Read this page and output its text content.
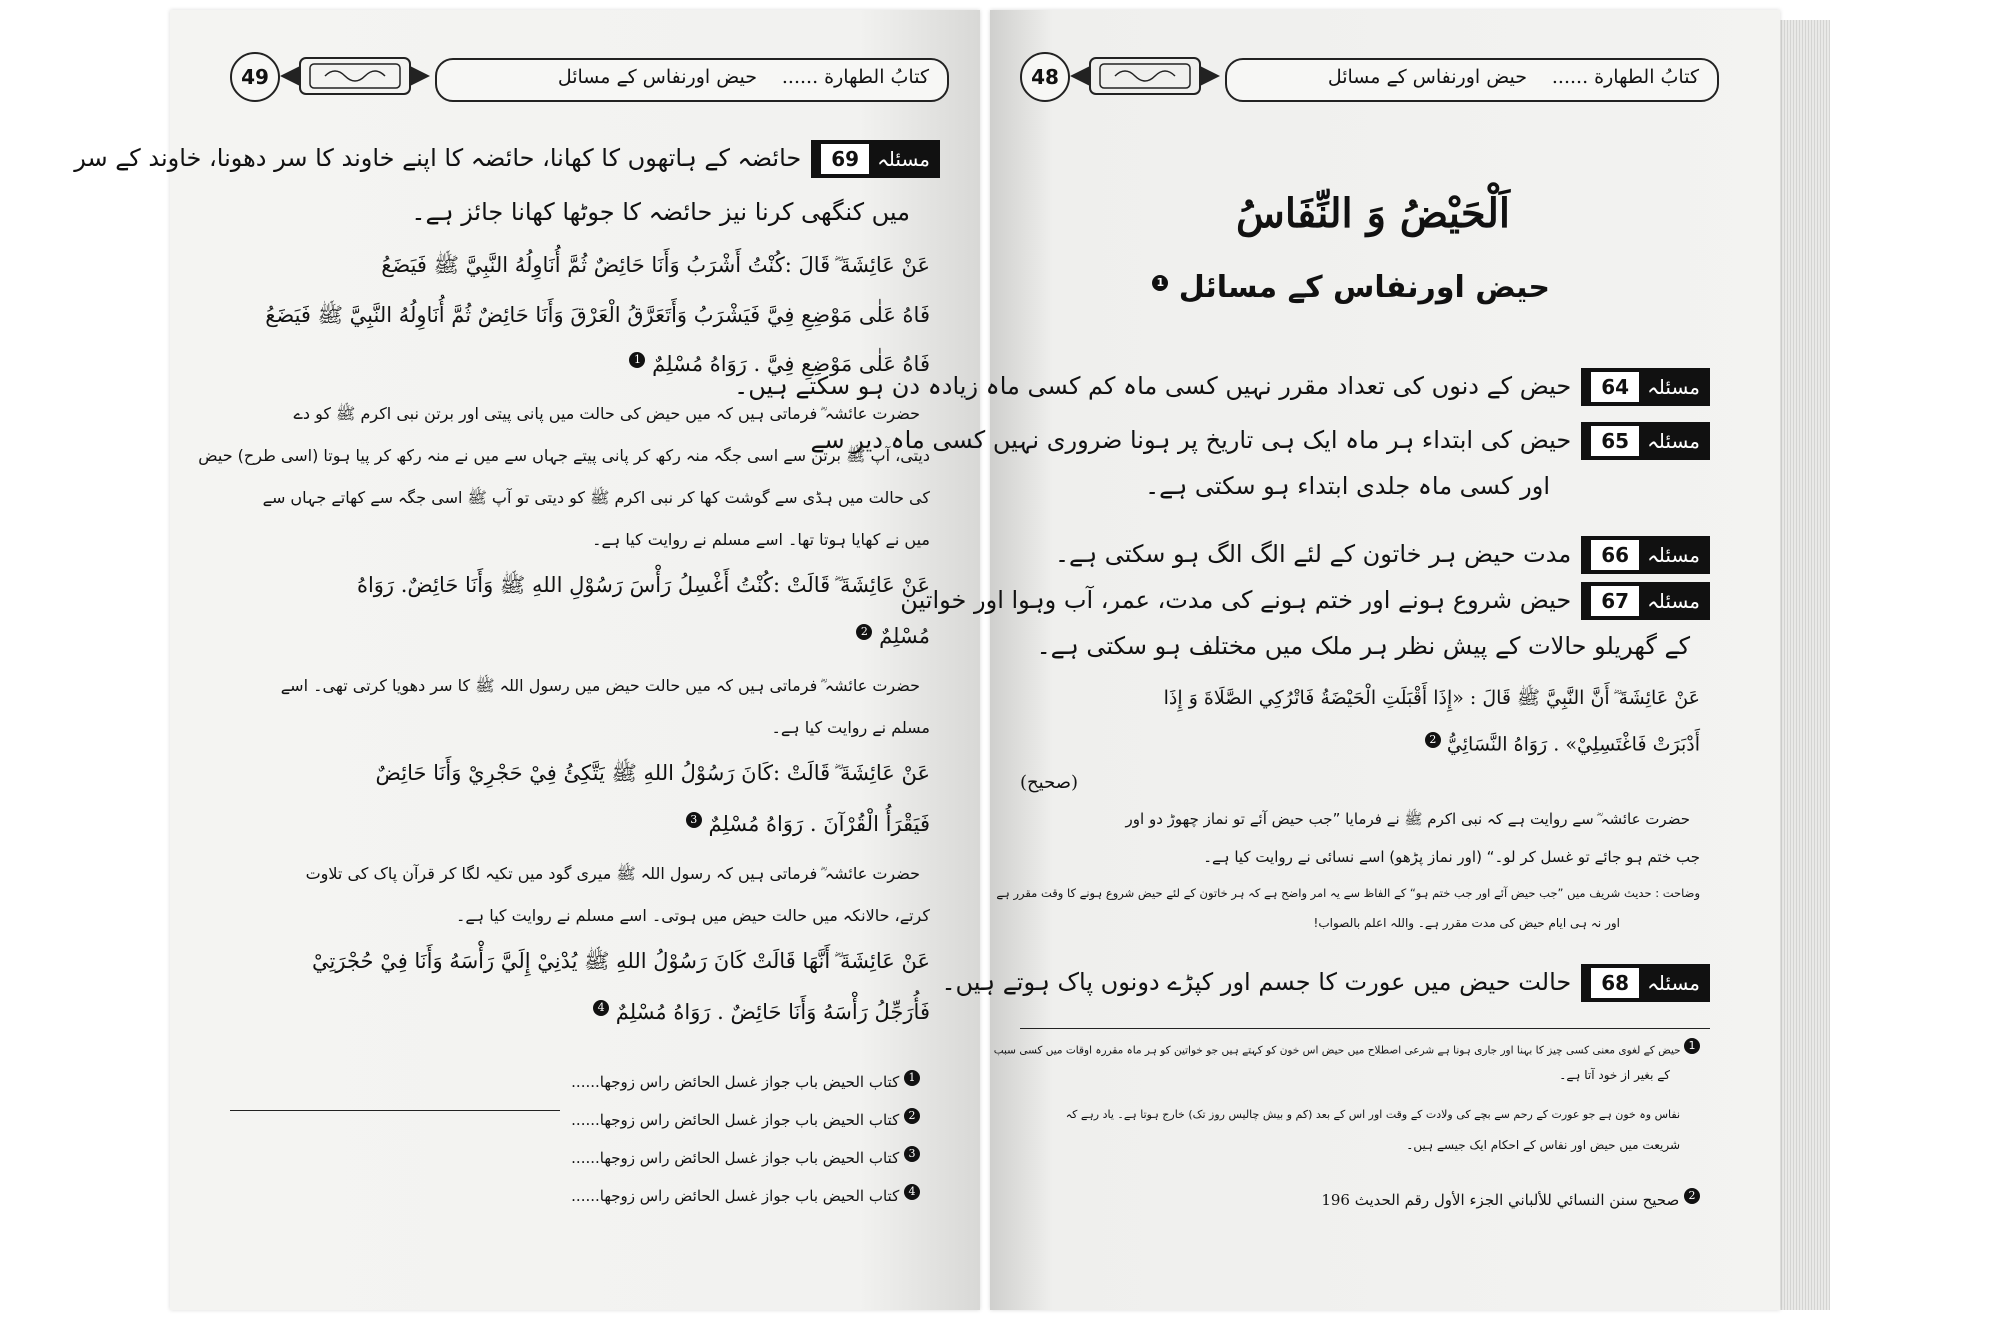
49	كتابُ الطهارة ......
حیض اورنفاس کے مسائل
مسئلہ69حائضہ کے ہاتھوں کا کھانا، حائضہ کا اپنے خاوند کا سر دھونا، خاوند کے سر
میں کنگھی کرنا نیز حائضہ کا جوٹھا کھانا جائز ہے۔
عَنْ عَائِشَةَ ؓ قَالَ :كُنْتُ أَشْرَبُ وَأَنَا حَائِضٌ ثُمَّ أُنَاوِلُهُ النَّبِيَّ ﷺ فَيَضَعُ
فَاهُ عَلٰى مَوْضِعِ فِيَّ فَيَشْرَبُ وَأَتَعَرَّقُ الْعَرْقَ وَأَنَا حَائِضٌ ثُمَّ أُنَاوِلُهُ النَّبِيَّ ﷺ فَيَضَعُ
فَاهُ عَلٰى مَوْضِعِ فِيَّ . رَوَاهُ مُسْلِمٌ 1
حضرت عائشہ ؓ فرماتی ہیں کہ میں حیض کی حالت میں پانی پیتی اور برتن نبی اکرم ﷺ کو دے
دیتی، آپ ﷺ برتن سے اسی جگہ منہ رکھ کر پانی پیتے جہاں سے میں نے منہ رکھ کر پیا ہوتا (اسی طرح) حیض
کی حالت میں ہڈی سے گوشت کھا کر نبی اکرم ﷺ کو دیتی تو آپ ﷺ اسی جگہ سے کھاتے جہاں سے
میں نے کھایا ہوتا تھا۔ اسے مسلم نے روایت کیا ہے۔
عَنْ عَائِشَةَ ؓ قَالَتْ :كُنْتُ أَغْسِلُ رَأْسَ رَسُوْلِ اللهِ ﷺ وَأَنَا حَائِضٌ. رَوَاهُ
مُسْلِمٌ 2
حضرت عائشہ ؓ فرماتی ہیں کہ میں حالت حیض میں رسول اللہ ﷺ کا سر دھویا کرتی تھی۔ اسے
مسلم نے روایت کیا ہے۔
عَنْ عَائِشَةَ ؓ قَالَتْ :كَانَ رَسُوْلُ اللهِ ﷺ يَتَّكِئُ فِيْ حَجْرِيْ وَأَنَا حَائِضٌ
فَيَقْرَأُ الْقُرْآنَ . رَوَاهُ مُسْلِمٌ 3
حضرت عائشہ ؓ فرماتی ہیں کہ رسول اللہ ﷺ میری گود میں تکیہ لگا کر قرآن پاک کی تلاوت
کرتے، حالانکہ میں حالت حیض میں ہوتی۔ اسے مسلم نے روایت کیا ہے۔
عَنْ عَائِشَةَ ؓ أَنَّهَا قَالَتْ كَانَ رَسُوْلُ اللهِ ﷺ يُدْنِيْ إِلَيَّ رَأْسَهُ وَأَنَا فِيْ حُجْرَتِيْ
فَأُرَجِّلُ رَأْسَهُ وَأَنَا حَائِضٌ . رَوَاهُ مُسْلِمٌ 4
1 كتاب الحيض باب جواز غسل الحائض راس زوجها......
2 كتاب الحيض باب جواز غسل الحائض راس زوجها......
3 كتاب الحيض باب جواز غسل الحائض راس زوجها......
4 كتاب الحيض باب جواز غسل الحائض راس زوجها......
48	كتابُ الطهارة ......
حیض اورنفاس کے مسائل
اَلْحَيْضُ وَ النِّفَاسُ
حیض اورنفاس کے مسائل 1
مسئلہ64حیض کے دنوں کی تعداد مقرر نہیں کسی ماہ کم کسی ماہ زیادہ دن ہو سکتے ہیں۔
مسئلہ65حیض کی ابتداء ہر ماہ ایک ہی تاریخ پر ہونا ضروری نہیں کسی ماہ دیر سے
اور کسی ماہ جلدی ابتداء ہو سکتی ہے۔
مسئلہ66مدت حیض ہر خاتون کے لئے الگ الگ ہو سکتی ہے۔
مسئلہ67حیض شروع ہونے اور ختم ہونے کی مدت، عمر، آب وہوا اور خواتین
کے گھریلو حالات کے پیش نظر ہر ملک میں مختلف ہو سکتی ہے۔
عَنْ عَائِشَةَ ؓ أَنَّ النَّبِيَّ ﷺ قَالَ : «إِذَا أَقْبَلَتِ الْحَيْضَةُ فَاتْرُكِي الصَّلَاةَ وَ إِذَا
أَدْبَرَتْ فَاغْتَسِلِيْ» . رَوَاهُ النَّسَائِيُّ 2
(صحيح)
حضرت عائشہ ؓ سے روایت ہے کہ نبی اکرم ﷺ نے فرمایا ”جب حیض آئے تو نماز چھوڑ دو اور
جب ختم ہو جائے تو غسل کر لو۔“ (اور نماز پڑھو) اسے نسائی نے روایت کیا ہے۔
وضاحت : حدیث شریف میں ”جب حیض آئے اور جب ختم ہو“ کے الفاظ سے یہ امر واضح ہے کہ ہر خاتون کے لئے حیض شروع ہونے کا وقت مقرر ہے
اور نہ ہی ایام حیض کی مدت مقرر ہے۔ واللہ اعلم بالصواب!
مسئلہ68حالت حیض میں عورت کا جسم اور کپڑے دونوں پاک ہوتے ہیں۔
1 حیض کے لغوی معنی کسی چیز کا بہنا اور جاری ہونا ہے شرعی اصطلاح میں حیض اس خون کو کہتے ہیں جو خواتین کو ہر ماہ مقررہ اوقات میں کسی سبب
کے بغیر از خود آتا ہے۔
نفاس وہ خون ہے جو عورت کے رحم سے بچے کی ولادت کے وقت اور اس کے بعد (کم و بیش چالیس روز تک) خارج ہوتا ہے۔ یاد رہے کہ
شریعت میں حیض اور نفاس کے احکام ایک جیسے ہیں۔
2 صحيح سنن النسائي للألباني الجزء الأول رقم الحديث 196
